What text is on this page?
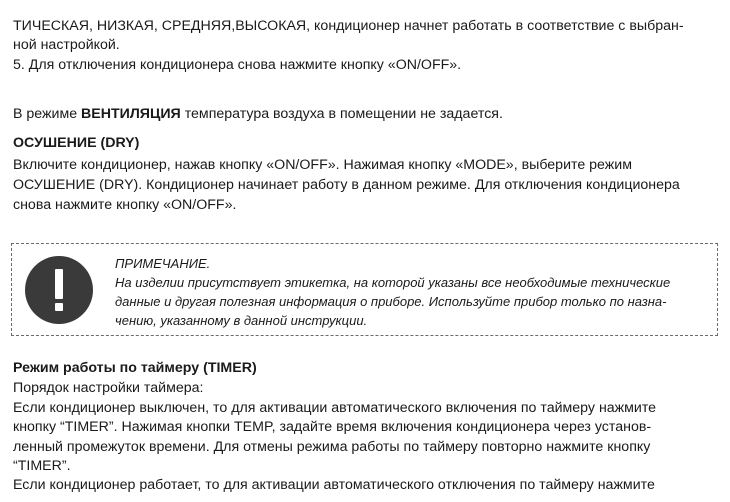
ТИЧЕСКАЯ, НИЗКАЯ, СРЕДНЯЯ,ВЫСОКАЯ, кондиционер начнет работать в соответствие с выбран-
ной настройкой.
5. Для отключения кондиционера снова нажмите кнопку «ON/OFF».
В режиме ВЕНТИЛЯЦИЯ температура воздуха в помещении не задается.
ОСУШЕНИЕ (DRY)
Включите кондиционер, нажав кнопку «ON/OFF». Нажимая кнопку «MODE», выберите режим
ОСУШЕНИЕ (DRY). Кондиционер начинает работу в данном режиме. Для отключения кондиционера
снова нажмите кнопку «ON/OFF».
ПРИМЕЧАНИЕ.
На изделии присутствует этикетка, на которой указаны все необходимые технические
данные и другая полезная информация о приборе. Используйте прибор только по назна-
чению, указанному в данной инструкции.
Режим работы по таймеру (TIMER)
Порядок настройки таймера:
Если кондиционер выключен, то для активации автоматического включения по таймеру нажмите
кнопку “TIMER”. Нажимая кнопки TEMP, задайте время включения кондиционера через установ-
ленный промежуток времени. Для отмены режима работы по таймеру повторно нажмите кнопку
“TIMER”.
Если кондиционер работает, то для активации автоматического отключения по таймеру нажмите
